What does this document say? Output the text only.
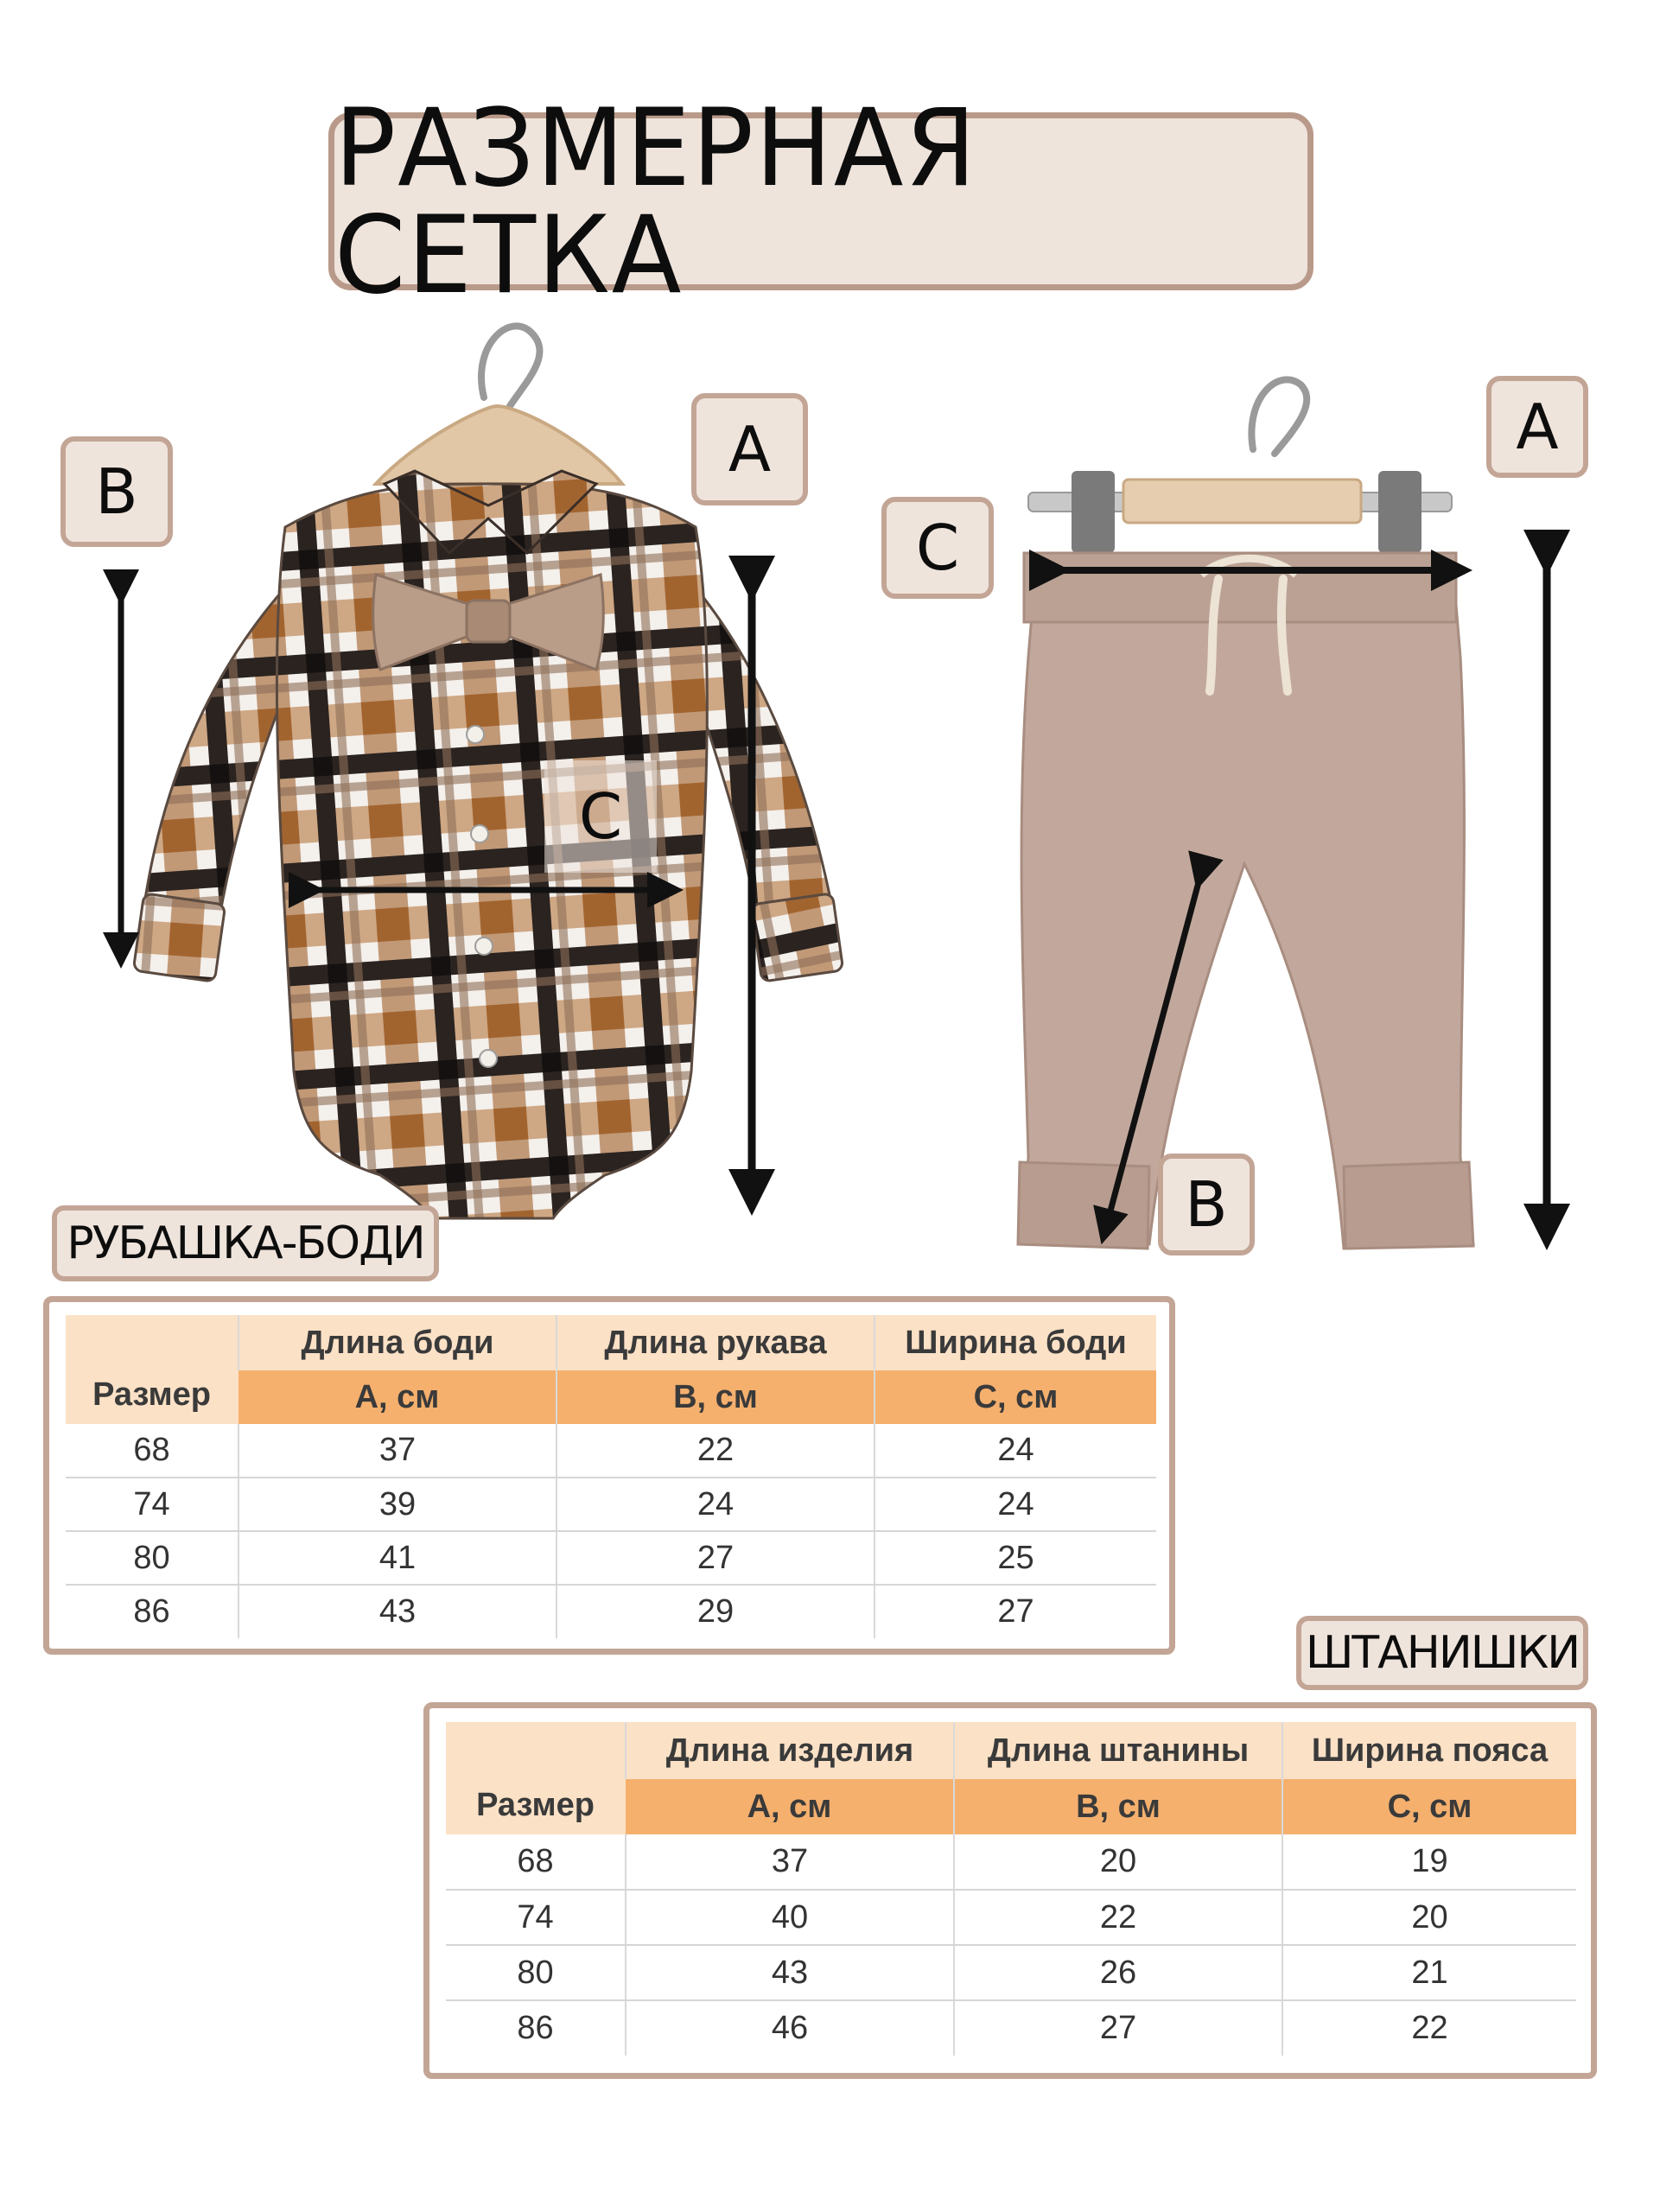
РАЗМЕРНАЯ СЕТКА
B
A
C
A
C
B
РУБАШКА-БОДИ
Размер	Длина боди	Длина рукава	Ширина боди
	А, см	В, см	С, см
68	37	22	24
74	39	24	24
80	41	27	25
86	43	29	27
ШТАНИШКИ
Размер	Длина изделия	Длина штанины	Ширина пояса
	А, см	В, см	С, см
68	37	20	19
74	40	22	20
80	43	26	21
86	46	27	22
